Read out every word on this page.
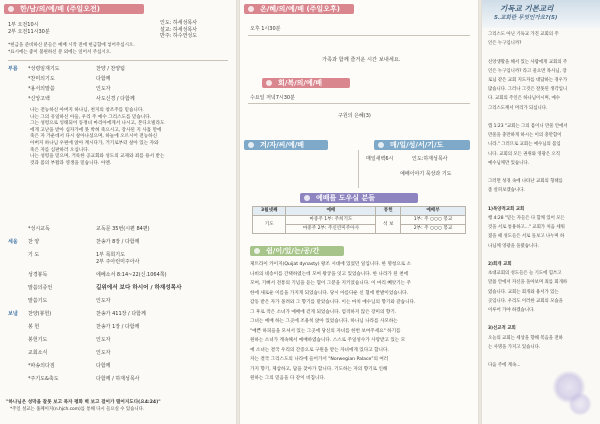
한/남/의/예/배 (주일오전)
1부 오전10시
2부 오전11시30분
인도: 하세성목사
설교: 하세성목사
반주: 하수연성도
*헌금을 준비하신 분들은 예배 시작 전에 헌금함에 넣어주십시오.
*표시에는 좋이 불편하신 분 외에는 일어서 주십시오.
부름 *성령임재기도	찬양 / 찬양팀
*찬미의기도	다함께
*용서의말씀	인도자
*신앙고백	사도신경 / 다함께
나는 전능하신 아버지 하나님, 천지의 창조주를 믿습니다.
나는 그의 유일하신 아들, 우리 주 예수 그리스도를 믿습니다.
그는 성령으로 잉태되어 동정녀 마리아에게서 나시고, 본디오빌라도
에게 고난을 받아 십자가에 못 박혀 죽으시고, 장사된 지 사흘 만에
죽은 자 가운데서 다시 살아나셨으며, 하늘에 오르시어 전능하신
아버지 하나님 우편에 앉아 계시다가, 거기로부터 살아 있는 자와
죽은 자를 심판하러 오십니다.
나는 성령을 믿으며, 거룩한 공교회와 성도의 교제와 죄를 용서 받는
것과 몸의 부활과 영생을 믿습니다. 아멘.
*성시교독	교독문 35번(시편 84편)
세움 찬 양	찬송가 8장 / 다함께
기 도	1부 목희기도
2부 주아런미주아사
성경봉독	에베소서 8:14~22(신.1064쪽)
말씀의증언	길위에서 보다 하시어 / 하재성목사
말씀기도	인도자
보냄 찬양(봉헌)	찬송가 411장 / 다함께
봉 헌	찬송가 1장 / 다함께
봉헌기도	인도자
교회소식	인도자
*파송의다짐	다함께
*주기도&축도	다함께 / 하재성목사
"하나님은 성막을 잘못 보고 목자 평화 벽 보고 걸어가 떨어지도다(요4:24)"
*주일 설교는 홈페이지(n.hjch.com)를 통해 다시 들으실 수 있습니다.
온/혜/의/예/배 (주일오후)
오후 1시30분
가족과 함께 즐거운 시간 보내세요.
회/복/의/예/배
수요일 저녁7시30분
구원의 은혜(3)
겨/자/씨/예/배	매/일/성/서/기/도
매일새벽6시	인도:하재성목사
예배이야기 묵상과 기도
예배를 도우실 분들
3월넷째	예배	봉헌	예배부
기도	마중주 1부: 주희기도	석 보	1부: 주 ○○○ 봉교
	마중주 2부: 주신린미주아사		2부: 주 ○○○ 봉교
쉼/이/있/는/공/간
제트라이 카이지(Quijat dynasty) 왕조 시대에 있었던 일입니다. 한 명청으로 소
나비의 네송이를 간택하였는데 모여 왕궁을 잇고 있었습니다. 한 나라가 된 천에
모여, 기뻐서 전통의 기념을 듣는 혈이 그분을 지키었습니다. 이 마리 빼앗기는 주
한에 새로운 이름을 가지게 되었습니다. 당시 아름다운 신 혈에 반발이었습니다.
감동 받은 자가 몰려와 그 향기를 맡았습니다. 이는 마치 예수님의 향기와 같습니다.
그 후로 작은 소녀가 예배에 걷게 되었습니다. 엄격하지 않은 장미의 향기.
그녀는 예배 하는 그곳에 조용히 앉아 있었습니다. 하나님 나라를 사모하는
"예쁜 하피들을 모셔서 있는 그곳에 당신의 자녀를 한번 보여주세요" 하기를
원하는 소녀가 계속해서 예배하였습니다. 스스로 주일성수가 사랑받고 있는 모
예 소녀는 결국 우리의 간증으로 구원을 받는 자녀에게 있다고 합니다.
자는 결국 그리스도의 나라에 들어가서 "Norwegian Palace"의 여러
가지 향기, 제삼하고, 답을 찾아가 합니다. 기도하는 자의 향기로 인해
원하는 그의 믿음을 다 같이 비칩니다.
기독교 기본교리
5.교회란 무엇인가요?(5)
그리스도 아닌 기독교 가진 교회의 주
인은 누구입니까?
신앙생활을 해서 있는 사람에게 교회의 주
인은 누구입니까? 라고 물으면 목사님, 장
로님 같은 교회 지도자를 대답하는 경우가
많습니다. 그러나 그것은 잘못된 생각입니
다. 교회의 주인은 하나님이시며, 예수
그리스도께서 머리가 되십니다.
엡 1:23 "교회는 그의 몸이니 만물 안에서
만물을 충만하게 하시는 이의 충만함이
니라." 그러므로 교회는 예수님의 몸입
니다. 교회의 모든 권위와 영광은 오직
예수님께만 있습니다.
그러면 성경 속에 나타난 교회의 형태를
좀 살펴보겠습니다.
1)목양적교회 교회
행 4:28 "믿는 자들은 다 함께 있어 모든
것을 서로 통용하고..." 교회가 처음 세워
졌을 때 성도들은 서로 돌보고 나누며 하
나님께 영광을 돌렸습니다.
2)회개 교회
초대교회의 성도들은 늘 기도에 힘쓰고
말씀 안에서 자신을 돌아보며 죄를 회개하
였습니다. 교회는 회개와 용서가 있는
곳입니다. 우리도 이러한 교회의 모습을
이루어 가야 하겠습니다.
3)선교적 교회
오늘의 교회는 세상을 향해 복음을 전하
는 사명을 가지고 있습니다.
다음 주에 계속...
